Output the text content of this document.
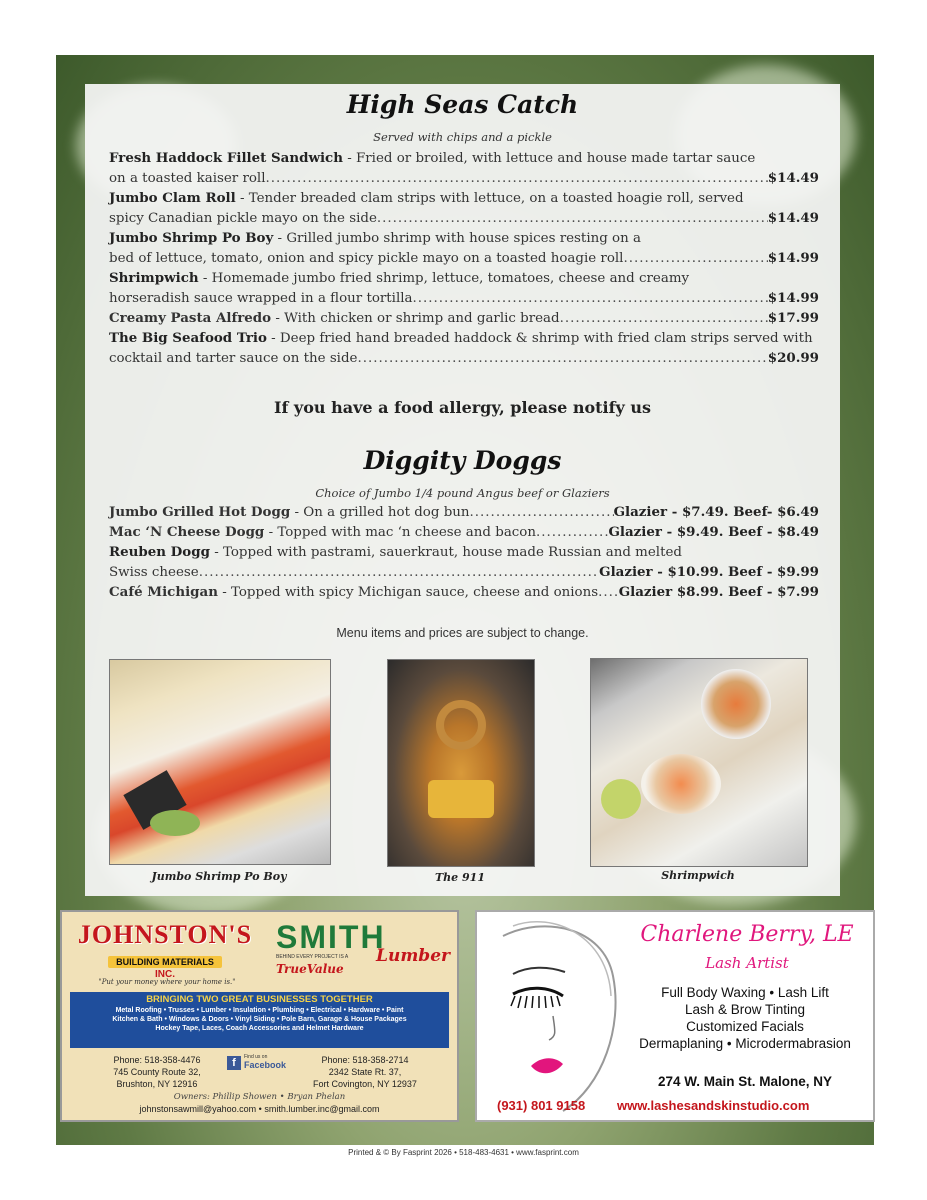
High Seas Catch
Served with chips and a pickle
Fresh Haddock Fillet Sandwich - Fried or broiled, with lettuce and house made tartar sauce
on a toasted kaiser roll .....	$14.49
Jumbo Clam Roll - Tender breaded clam strips with lettuce, on a toasted hoagie roll, served
spicy Canadian pickle mayo on the side .....	$14.49
Jumbo Shrimp Po Boy - Grilled jumbo shrimp with house spices resting on a
bed of lettuce, tomato, onion and spicy pickle mayo on a toasted hoagie roll .....	$14.99
Shrimpwich - Homemade jumbo fried shrimp, lettuce, tomatoes, cheese and creamy
horseradish sauce wrapped in a flour tortilla .....	$14.99
Creamy Pasta Alfredo - With chicken or shrimp and garlic bread .....	$17.99
The Big Seafood Trio - Deep fried hand breaded haddock & shrimp with fried clam strips served with
cocktail and tarter sauce on the side .....	$20.99
If you have a food allergy, please notify us
Diggity Doggs
Choice of Jumbo 1/4 pound Angus beef or Glaziers
Jumbo Grilled Hot Dogg - On a grilled hot dog bun .....	Glazier - $7.49. Beef- $6.49
Mac ‘N Cheese Dogg - Topped with mac ‘n cheese and bacon .....	Glazier - $9.49. Beef - $8.49
Reuben Dogg - Topped with pastrami, sauerkraut, house made Russian and melted
Swiss cheese .....	Glazier - $10.99. Beef - $9.99
Café Michigan - Topped with spicy Michigan sauce, cheese and onions ..... Glazier $8.99. Beef - $7.99
Menu items and prices are subject to change.
Jumbo Shrimp Po Boy	The 911	Shrimpwich
JOHNSTON'S
BUILDING MATERIALS
INC.
"Put your money where your home is."
SMITH
Lumber
BEHIND EVERY PROJECT IS A
TrueValue
BRINGING TWO GREAT BUSINESSES TOGETHER
Metal Roofing • Trusses • Lumber • Insulation • Plumbing • Electrical • Hardware • Paint
Kitchen & Bath • Windows & Doors • Vinyl Siding • Pole Barn, Garage & House Packages
Hockey Tape, Laces, Coach Accessories and Helmet Hardware
Phone: 518-358-4476
745 County Route 32,
Brushton, NY 12916
f	Find us on
Facebook	Phone: 518-358-2714
2342 State Rt. 37,
Fort Covington, NY 12937
Owners: Phillip Showen • Bryan Phelan
johnstonsawmill@yahoo.com • smith.lumber.inc@gmail.com
Charlene Berry, LE
Lash Artist
Full Body Waxing • Lash Lift
Lash & Brow Tinting
Customized Facials
Dermaplaning • Microdermabrasion
274 W. Main St. Malone, NY
(931) 801 9158 www.lashesandskinstudio.com
Printed & © By Fasprint 2026 • 518-483-4631 • www.fasprint.com
